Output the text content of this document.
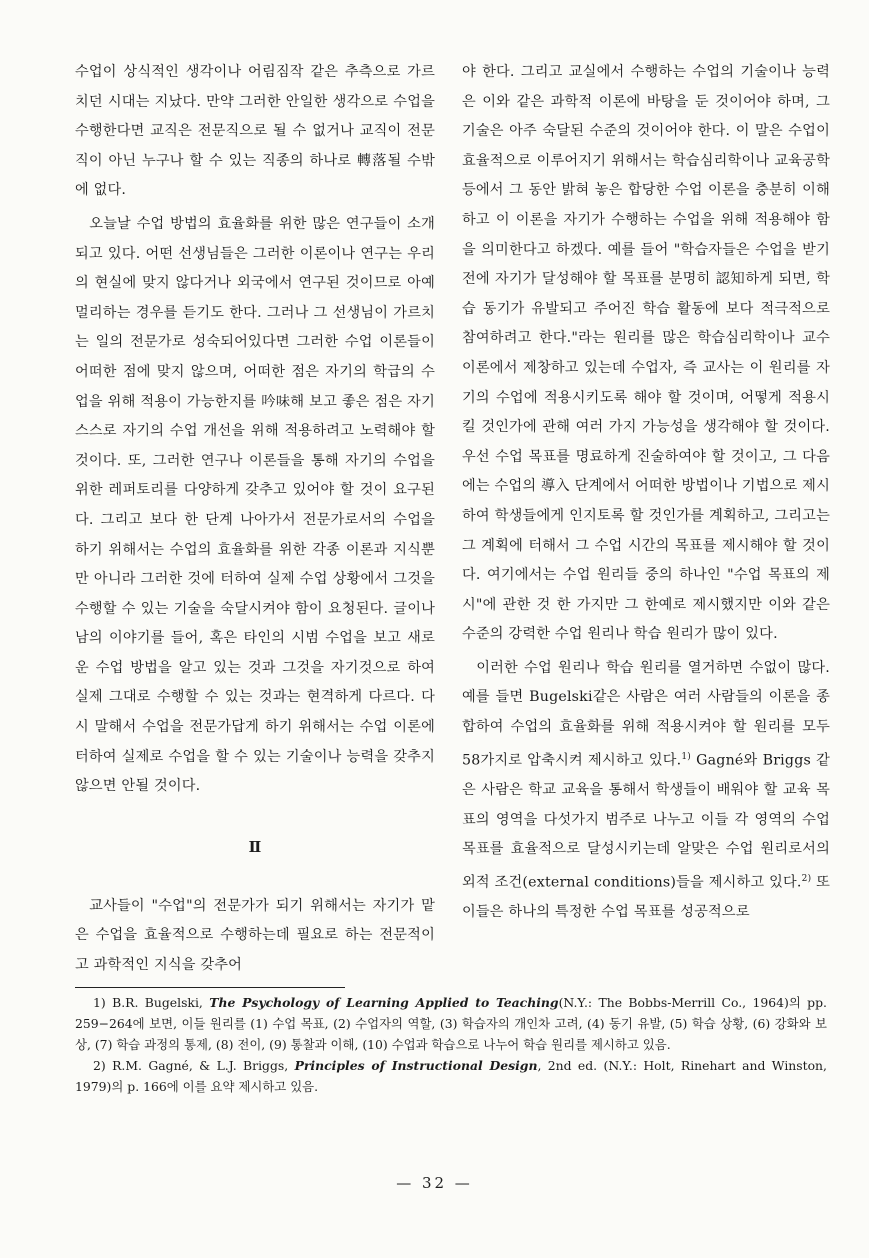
수업이 상식적인 생각이나 어림짐작 같은 추측으로 가르치던 시대는 지났다. 만약 그러한 안일한 생각으로 수업을 수행한다면 교직은 전문직으로 될 수 없거나 교직이 전문직이 아닌 누구나 할 수 있는 직종의 하나로 轉落될 수밖에 없다.

오늘날 수업 방법의 효율화를 위한 많은 연구들이 소개되고 있다. 어떤 선생님들은 그러한 이론이나 연구는 우리의 현실에 맞지 않다거나 외국에서 연구된 것이므로 아예 멀리하는 경우를 듣기도 한다. 그러나 그 선생님이 가르치는 일의 전문가로 성숙되어있다면 그러한 수업 이론들이 어떠한 점에 맞지 않으며, 어떠한 점은 자기의 학급의 수업을 위해 적용이 가능한지를 吟味해 보고 좋은 점은 자기 스스로 자기의 수업 개선을 위해 적용하려고 노력해야 할 것이다. 또, 그러한 연구나 이론들을 통해 자기의 수업을 위한 레퍼토리를 다양하게 갖추고 있어야 할 것이 요구된다. 그리고 보다 한 단계 나아가서 전문가로서의 수업을 하기 위해서는 수업의 효율화를 위한 각종 이론과 지식뿐만 아니라 그러한 것에 터하여 실제 수업 상황에서 그것을 수행할 수 있는 기술을 숙달시켜야 함이 요청된다. 글이나 남의 이야기를 들어, 혹은 타인의 시범 수업을 보고 새로운 수업 방법을 알고 있는 것과 그것을 자기것으로 하여 실제 그대로 수행할 수 있는 것과는 현격하게 다르다. 다시 말해서 수업을 전문가답게 하기 위해서는 수업 이론에 터하여 실제로 수업을 할 수 있는 기술이나 능력을 갖추지 않으면 안될 것이다.

Ⅱ

교사들이 "수업"의 전문가가 되기 위해서는 자기가 맡은 수업을 효율적으로 수행하는데 필요로 하는 전문적이고 과학적인 지식을 갖추어

야 한다. 그리고 교실에서 수행하는 수업의 기술이나 능력은 이와 같은 과학적 이론에 바탕을 둔 것이어야 하며, 그 기술은 아주 숙달된 수준의 것이어야 한다. 이 말은 수업이 효율적으로 이루어지기 위해서는 학습심리학이나 교육공학 등에서 그 동안 밝혀 놓은 합당한 수업 이론을 충분히 이해하고 이 이론을 자기가 수행하는 수업을 위해 적용해야 함을 의미한다고 하겠다. 예를 들어 "학습자들은 수업을 받기 전에 자기가 달성해야 할 목표를 분명히 認知하게 되면, 학습 동기가 유발되고 주어진 학습 활동에 보다 적극적으로 참여하려고 한다."라는 원리를 많은 학습심리학이나 교수 이론에서 제창하고 있는데 수업자, 즉 교사는 이 원리를 자기의 수업에 적용시키도록 해야 할 것이며, 어떻게 적용시킬 것인가에 관해 여러 가지 가능성을 생각해야 할 것이다. 우선 수업 목표를 명료하게 진술하여야 할 것이고, 그 다음에는 수업의 導入 단계에서 어떠한 방법이나 기법으로 제시하여 학생들에게 인지토록 할 것인가를 계획하고, 그리고는 그 계획에 터해서 그 수업 시간의 목표를 제시해야 할 것이다. 여기에서는 수업 원리들 중의 하나인 "수업 목표의 제시"에 관한 것 한 가지만 그 한예로 제시했지만 이와 같은 수준의 강력한 수업 원리나 학습 원리가 많이 있다.

이러한 수업 원리나 학습 원리를 열거하면 수없이 많다. 예를 들면 Bugelski같은 사람은 여러 사람들의 이론을 종합하여 수업의 효율화를 위해 적용시켜야 할 원리를 모두 58가지로 압축시켜 제시하고 있다.$^{1)}$ Gagné와 Briggs 같은 사람은 학교 교육을 통해서 학생들이 배워야 할 교육 목표의 영역을 다섯가지 범주로 나누고 이들 각 영역의 수업 목표를 효율적으로 달성시키는데 알맞은 수업 원리로서의 외적 조건(external conditions)들을 제시하고 있다.$^{2)}$ 또 이들은 하나의 특정한 수업 목표를 성공적으로

1) B.R. Bugelski, The Psychology of Learning Applied to Teaching(N.Y.: The Bobbs-Merrill Co., 1964)의 pp. 259−264에 보면, 이들 원리를 (1) 수업 목표, (2) 수업자의 역할, (3) 학습자의 개인차 고려, (4) 동기 유발, (5) 학습 상황, (6) 강화와 보상, (7) 학습 과정의 통제, (8) 전이, (9) 통찰과 이해, (10) 수업과 학습으로 나누어 학습 원리를 제시하고 있음.

2) R.M. Gagné, & L.J. Briggs, Principles of Instructional Design, 2nd ed. (N.Y.: Holt, Rinehart and Winston, 1979)의 p. 166에 이를 요약 제시하고 있음.

— 32 —
